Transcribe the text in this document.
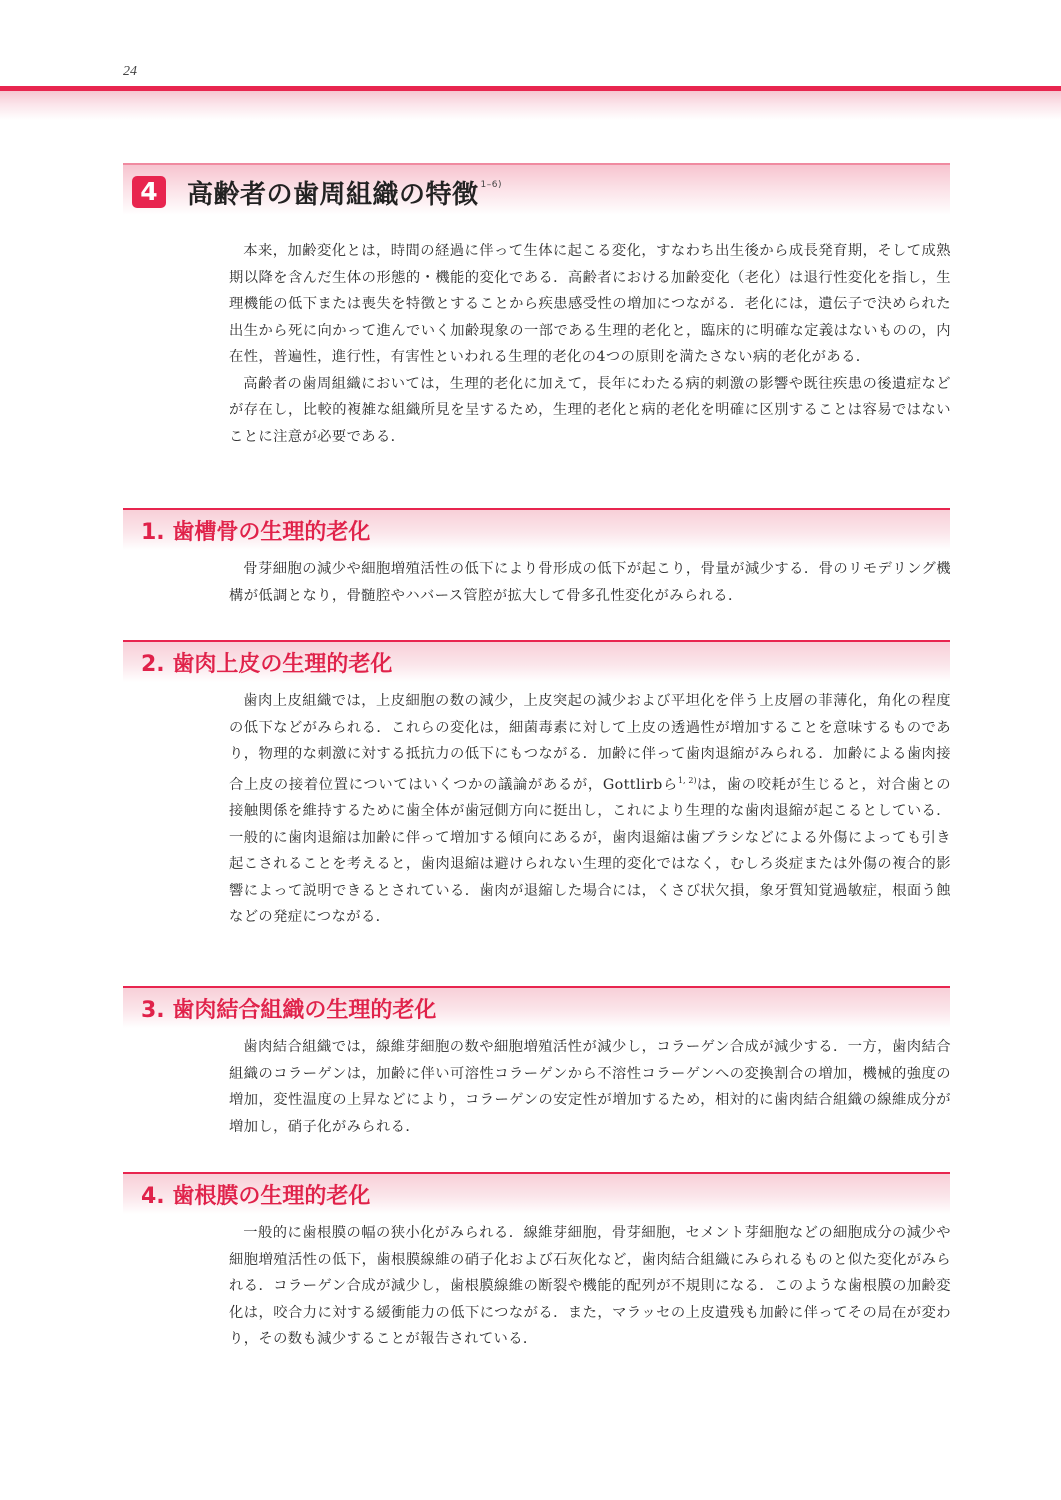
24
4	高齢者の歯周組織の特徴 $^{1-6)}$

本来，加齢変化とは，時間の経過に伴って生体に起こる変化，すなわち出生後から成長発育期，そして成熟期以降を含んだ生体の形態的・機能的変化である．高齢者における加齢変化（老化）は退行性変化を指し，生理機能の低下または喪失を特徴とすることから疾患感受性の増加につながる．老化には，遺伝子で決められた出生から死に向かって進んでいく加齢現象の一部である生理的老化と，臨床的に明確な定義はないものの，内在性，普遍性，進行性，有害性といわれる生理的老化の4つの原則を満たさない病的老化がある．

高齢者の歯周組織においては，生理的老化に加えて，長年にわたる病的刺激の影響や既往疾患の後遺症などが存在し，比較的複雑な組織所見を呈するため，生理的老化と病的老化を明確に区別することは容易ではないことに注意が必要である．

1. 歯槽骨の生理的老化

骨芽細胞の減少や細胞増殖活性の低下により骨形成の低下が起こり，骨量が減少する．骨のリモデリング機構が低調となり，骨髄腔やハバース管腔が拡大して骨多孔性変化がみられる．

2. 歯肉上皮の生理的老化

歯肉上皮組織では，上皮細胞の数の減少，上皮突起の減少および平坦化を伴う上皮層の菲薄化，角化の程度の低下などがみられる．これらの変化は，細菌毒素に対して上皮の透過性が増加することを意味するものであり，物理的な刺激に対する抵抗力の低下にもつながる．加齢に伴って歯肉退縮がみられる．加齢による歯肉接合上皮の接着位置についてはいくつかの議論があるが，Gottlirbら$^{1, 2)}$は，歯の咬耗が生じると，対合歯との接触関係を維持するために歯全体が歯冠側方向に挺出し，これにより生理的な歯肉退縮が起こるとしている．一般的に歯肉退縮は加齢に伴って増加する傾向にあるが，歯肉退縮は歯ブラシなどによる外傷によっても引き起こされることを考えると，歯肉退縮は避けられない生理的変化ではなく，むしろ炎症または外傷の複合的影響によって説明できるとされている．歯肉が退縮した場合には，くさび状欠損，象牙質知覚過敏症，根面う蝕などの発症につながる．

3. 歯肉結合組織の生理的老化

歯肉結合組織では，線維芽細胞の数や細胞増殖活性が減少し，コラーゲン合成が減少する．一方，歯肉結合組織のコラーゲンは，加齢に伴い可溶性コラーゲンから不溶性コラーゲンへの変換割合の増加，機械的強度の増加，変性温度の上昇などにより，コラーゲンの安定性が増加するため，相対的に歯肉結合組織の線維成分が増加し，硝子化がみられる．

4. 歯根膜の生理的老化

一般的に歯根膜の幅の狭小化がみられる．線維芽細胞，骨芽細胞，セメント芽細胞などの細胞成分の減少や細胞増殖活性の低下，歯根膜線維の硝子化および石灰化など，歯肉結合組織にみられるものと似た変化がみられる．コラーゲン合成が減少し，歯根膜線維の断裂や機能的配列が不規則になる．このような歯根膜の加齢変化は，咬合力に対する緩衝能力の低下につながる．また，マラッセの上皮遺残も加齢に伴ってその局在が変わり，その数も減少することが報告されている．
